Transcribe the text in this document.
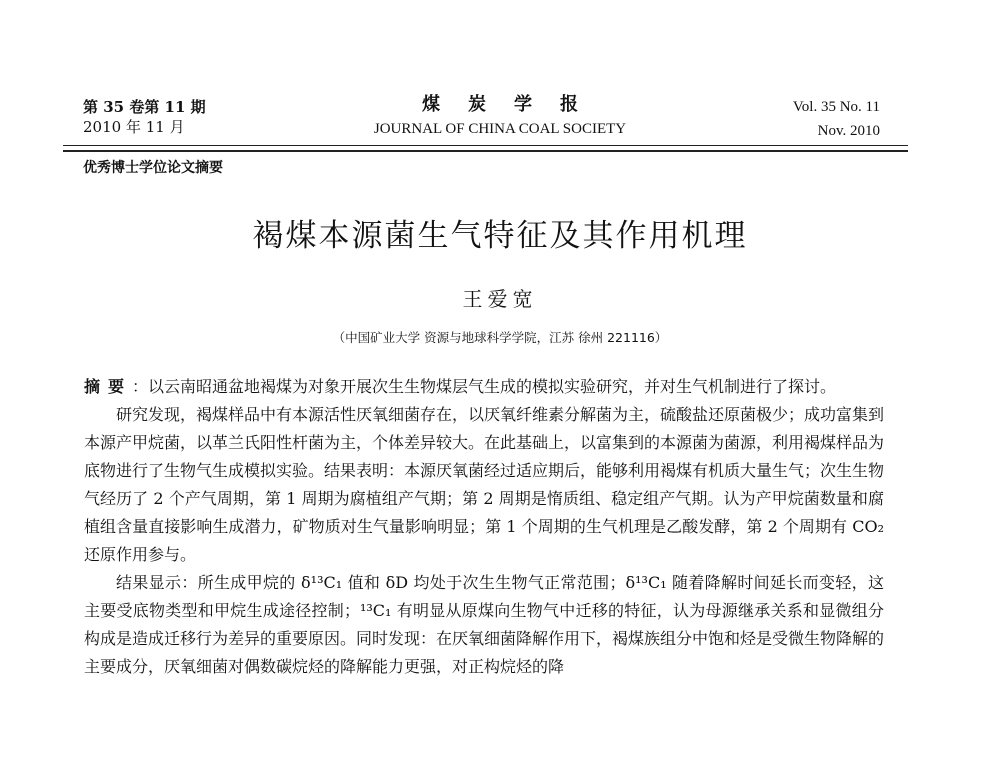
第 35 卷第 11 期
2010 年 11 月
煤炭学报
JOURNAL OF CHINA COAL SOCIETY
Vol. 35 No. 11
Nov. 2010
优秀博士学位论文摘要
褐煤本源菌生气特征及其作用机理
王爱宽
（中国矿业大学 资源与地球科学学院，江苏 徐州 221116）

摘要：以云南昭通盆地褐煤为对象开展次生生物煤层气生成的模拟实验研究，并对生气机制进行了探讨。

研究发现，褐煤样品中有本源活性厌氧细菌存在，以厌氧纤维素分解菌为主，硫酸盐还原菌极少；成功富集到本源产甲烷菌，以革兰氏阳性杆菌为主，个体差异较大。在此基础上，以富集到的本源菌为菌源，利用褐煤样品为底物进行了生物气生成模拟实验。结果表明：本源厌氧菌经过适应期后，能够利用褐煤有机质大量生气；次生生物气经历了 2 个产气周期，第 1 周期为腐植组产气期；第 2 周期是惰质组、稳定组产气期。认为产甲烷菌数量和腐植组含量直接影响生成潜力，矿物质对生气量影响明显；第 1 个周期的生气机理是乙酸发酵，第 2 个周期有 CO₂还原作用参与。

结果显示：所生成甲烷的 δ¹³C₁ 值和 δD 均处于次生生物气正常范围；δ¹³C₁ 随着降解时间延长而变轻，这主要受底物类型和甲烷生成途径控制；¹³C₁ 有明显从原煤向生物气中迁移的特征，认为母源继承关系和显微组分构成是造成迁移行为差异的重要原因。同时发现：在厌氧细菌降解作用下，褐煤族组分中饱和烃是受微生物降解的主要成分，厌氧细菌对偶数碳烷烃的降解能力更强，对正构烷烃的降
